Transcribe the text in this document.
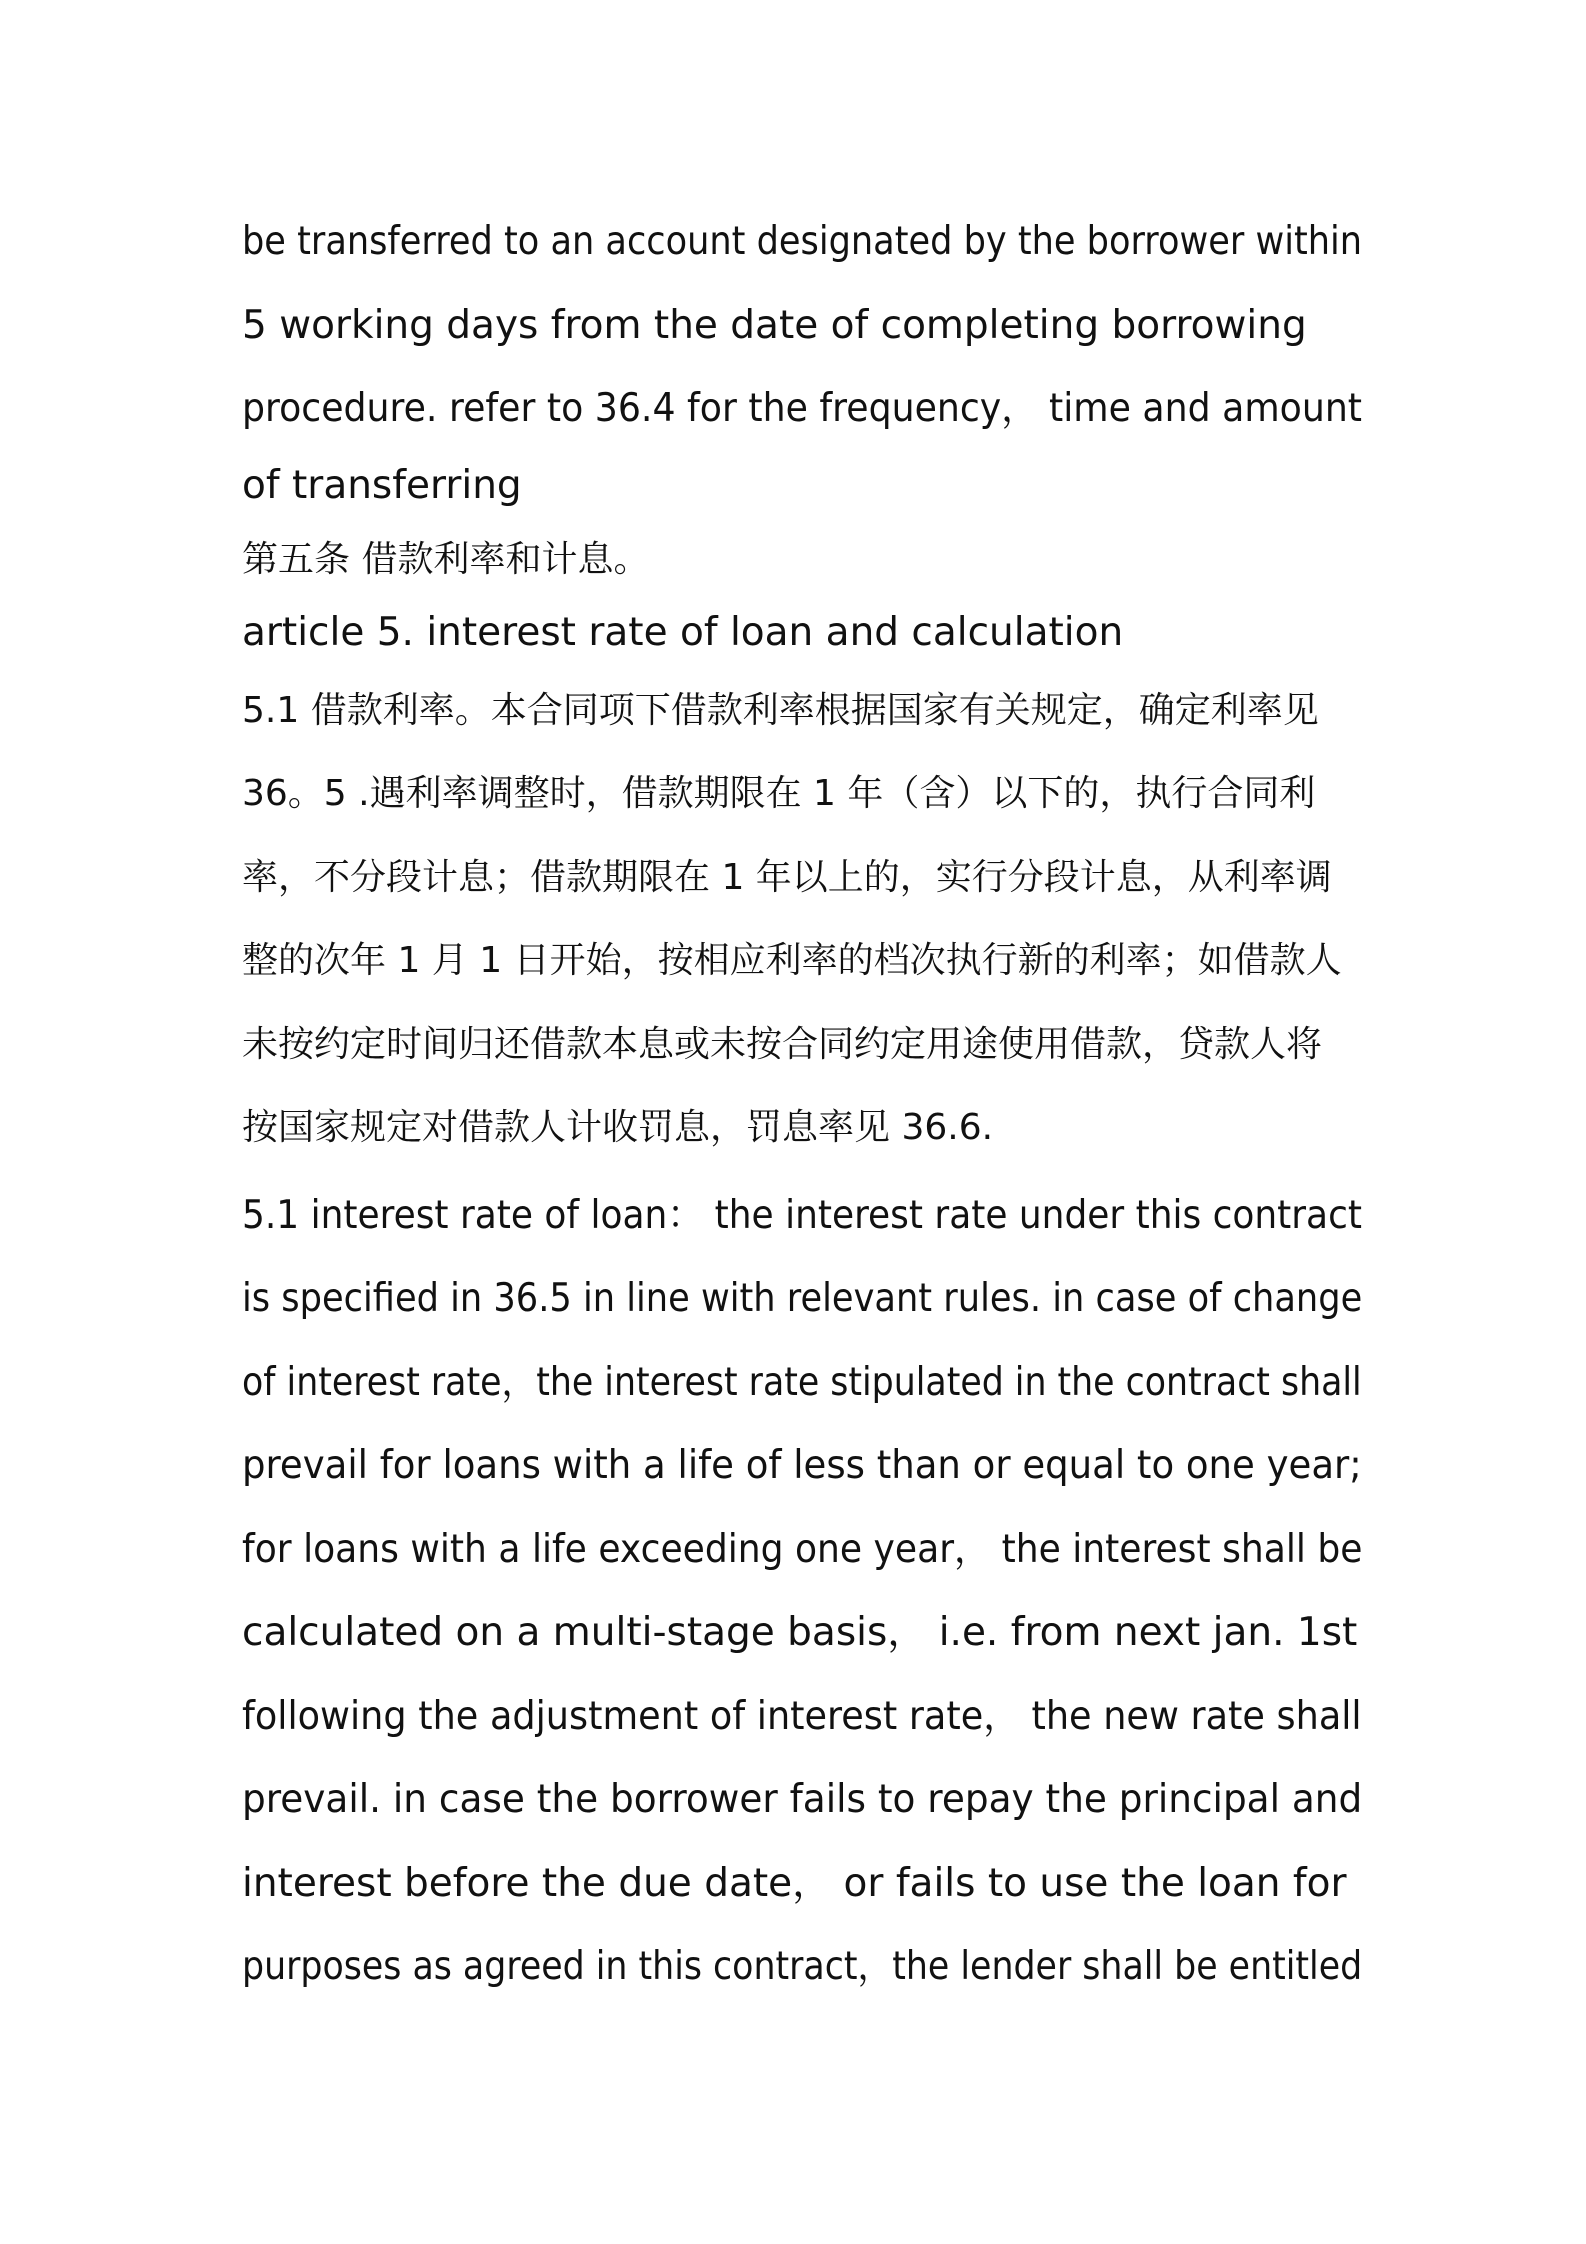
be transferred to an account designated by the borrower within
5 working days from the date of completing borrowing
procedure. refer to 36.4 for the frequency， time and amount
of transferring
第五条 借款利率和计息。
article 5. interest rate of loan and calculation
5.1 借款利率。本合同项下借款利率根据国家有关规定，确定利率见
36。5 .遇利率调整时，借款期限在 1 年（含）以下的，执行合同利
率，不分段计息；借款期限在 1 年以上的，实行分段计息，从利率调
整的次年 1 月 1 日开始，按相应利率的档次执行新的利率；如借款人
未按约定时间归还借款本息或未按合同约定用途使用借款，贷款人将
按国家规定对借款人计收罚息，罚息率见 36.6.
5.1 interest rate of loan： the interest rate under this contract
is specified in 36.5 in line with relevant rules. in case of change
of interest rate，the interest rate stipulated in the contract shall
prevail for loans with a life of less than or equal to one year;
for loans with a life exceeding one year， the interest shall be
calculated on a multi-stage basis， i.e. from next jan. 1st
following the adjustment of interest rate， the new rate shall
prevail. in case the borrower fails to repay the principal and
interest before the due date， or fails to use the loan for
purposes as agreed in this contract，the lender shall be entitled
